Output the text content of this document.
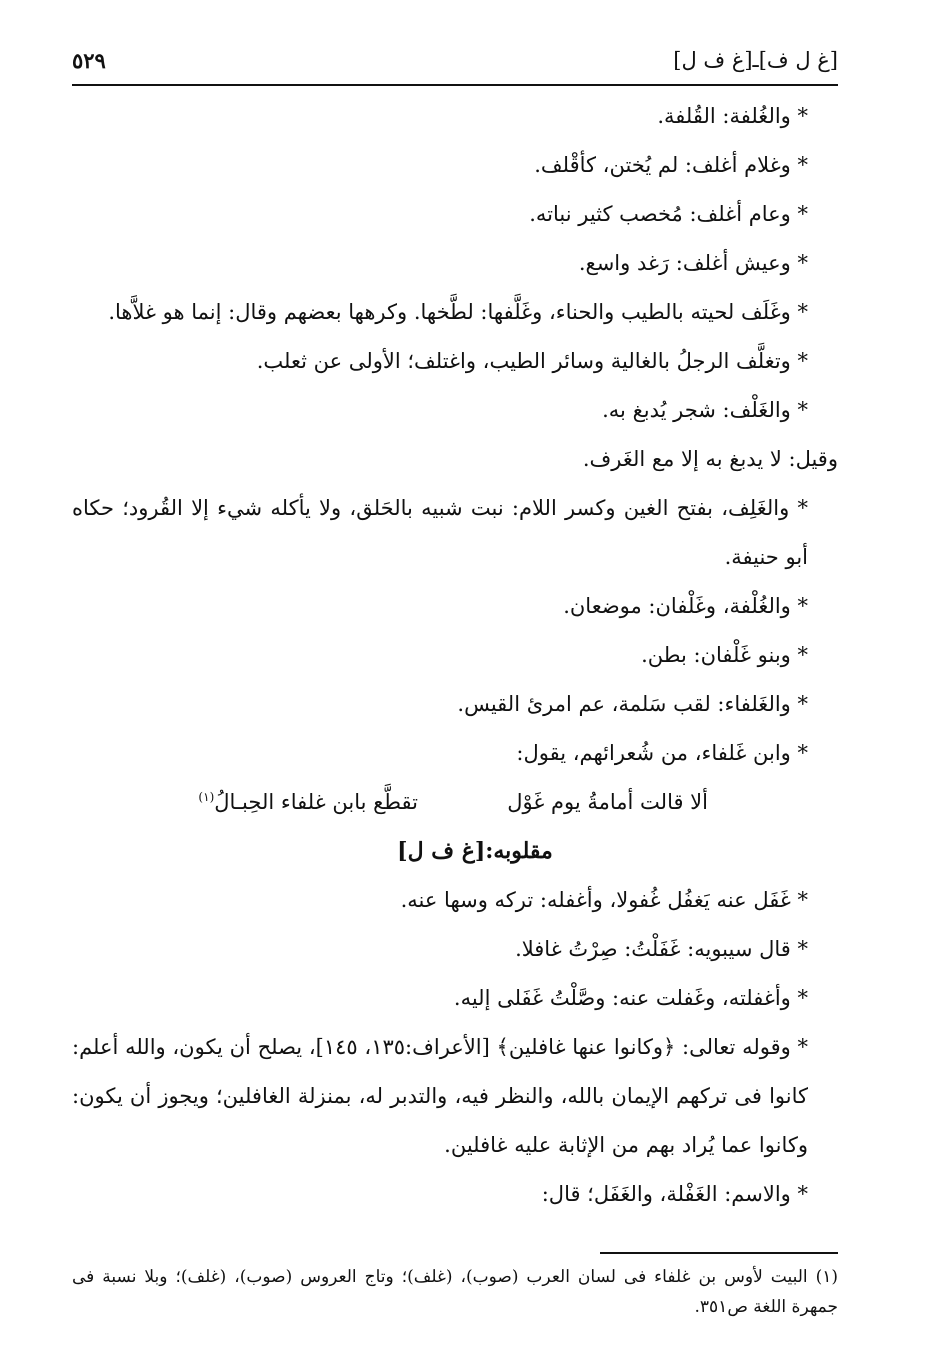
٥٢٩	[غ ل ف]ـ[غ ف ل]
* والغُلفة: القُلفة.
* وغلام أغلف: لم يُختن، كأقْلف.
* وعام أغلف: مُخصب كثير نباته.
* وعيش أغلف: رَغد واسع.
* وغَلَف لحيته بالطيب والحناء، وغَلَّفها: لطَّخها. وكرهها بعضهم وقال: إنما هو غلاَّها.
* وتغلَّف الرجلُ بالغالية وسائر الطيب، واغتلف؛ الأولى عن ثعلب.
* والغَلْف: شجر يُدبغ به.
وقيل: لا يدبغ به إلا مع الغَرف.
* والغَلِف، بفتح الغين وكسر اللام: نبت شبيه بالحَلق، ولا يأكله شيء إلا القُرود؛ حكاه أبو حنيفة.
* والغُلْفة، وغَلْفان: موضعان.
* وبنو غَلْفان: بطن.
* والغَلفاء: لقب سَلمة، عم امرئ القيس.
* وابن غَلفاء، من شُعرائهم، يقول:
ألا قالت أمامةُ يوم غَوْل
تقطَّع بابن غلفاء الحِبـالُ$^{(١)}$
مقلوبه:[غ ف ل]
* غَفَل عنه يَغفُل غُفولا، وأغفله: تركه وسها عنه.
* قال سيبويه: غَفَلْتُ: صِرْتُ غافلا.
* وأغفلته، وغَفلت عنه: وصَّلْتُ غَفَلى إليه.
* وقوله تعالى: ﴿وكانوا عنها غافلين﴾ [الأعراف:١٣٥، ١٤٥]، يصلح أن يكون، والله أعلم: كانوا فى تركهم الإيمان بالله، والنظر فيه، والتدبر له، بمنزلة الغافلين؛ ويجوز أن يكون: وكانوا عما يُراد بهم من الإثابة عليه غافلين.
* والاسم: الغَفْلة، والغَفَل؛ قال:
(١) البيت لأوس بن غلفاء فى لسان العرب (صوب)، (غلف)؛ وتاج العروس (صوب)، (غلف)؛ وبلا نسبة فى جمهرة اللغة ص٣٥١.
